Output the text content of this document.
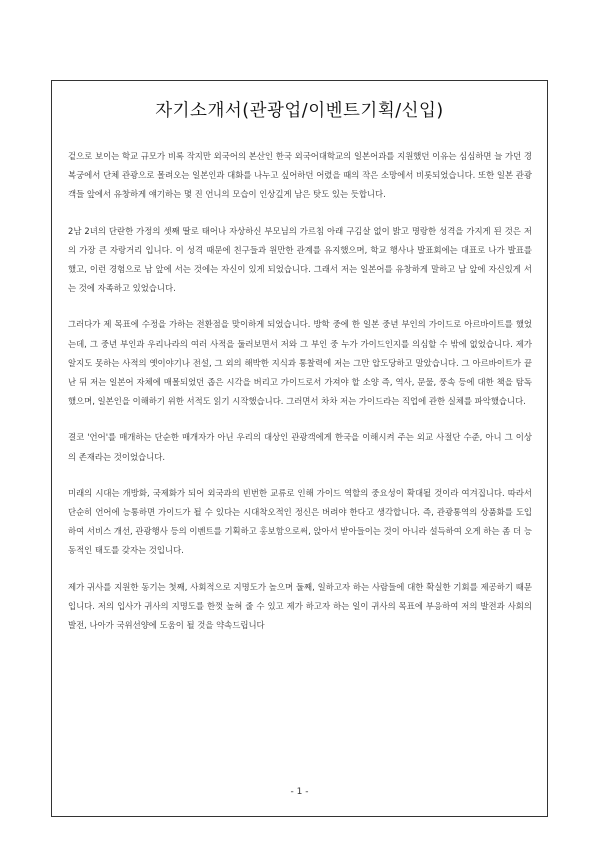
자기소개서(관광업/이벤트기획/신입)

겉으로 보이는 학교 규모가 비록 작지만 외국어의 본산인 한국 외국어대학교의 일본어과를 지원했던 이유는 심심하면 늘 가던 경복궁에서 단체 관광으로 몰려오는 일본인과 대화를 나누고 싶어하던 어렸을 때의 작은 소망에서 비롯되었습니다. 또한 일본 관광객들 앞에서 유창하게 얘기하는 몇 진 언니의 모습이 인상깊게 남은 탓도 있는 듯합니다.

2남 2녀의 단란한 가정의 셋째 딸로 태어나 자상하신 부모님의 가르침 아래 구김살 없이 밝고 명랑한 성격을 가지게 된 것은 저의 가장 큰 자랑거리 입니다. 이 성격 때문에 친구들과 원만한 관계를 유지했으며, 학교 행사나 발표회에는 대표로 나가 발표를 했고, 이런 경험으로 남 앞에 서는 것에는 자신이 있게 되었습니다. 그래서 저는 일본어를 유창하게 말하고 남 앞에 자신있게 서는 것에 자족하고 있었습니다.

그러다가 제 목표에 수정을 가하는 전환점을 맞이하게 되었습니다. 방학 중에 한 일본 중년 부인의 가이드로 아르바이트를 했었는데, 그 중년 부인과 우리나라의 여러 사적을 둘러보면서 저와 그 부인 중 누가 가이드인지를 의심할 수 밖에 없었습니다. 제가 알지도 못하는 사적의 옛이야기나 전설, 그 외의 해박한 지식과 통찰력에 저는 그만 압도당하고 말았습니다. 그 아르바이트가 끝난 뒤 저는 일본어 자체에 매몰되었던 좁은 시각을 버리고 가이드로서 가져야 할 소양 즉, 역사, 문물, 풍속 등에 대한 책을 탐독했으며, 일본인을 이해하기 위한 서적도 읽기 시작했습니다. 그러면서 차차 저는 가이드라는 직업에 관한 실체를 파악했습니다.

결코 '언어'를 매개하는 단순한 매개자가 아닌 우리의 대상인 관광객에게 한국을 이해시켜 주는 외교 사절단 수준, 아니 그 이상의 존재라는 것이었습니다.

미래의 시대는 개방화, 국제화가 되어 외국과의 빈번한 교류로 인해 가이드 역할의 중요성이 확대될 것이라 여겨집니다. 따라서 단순히 언어에 능통하면 가이드가 될 수 있다는 시대착오적인 정신은 버려야 한다고 생각합니다. 즉, 관광통역의 상품화를 도입하여 서비스 개선, 관광행사 등의 이벤트를 기획하고 홍보함으로써, 앉아서 받아들이는 것이 아니라 설득하여 오게 하는 좀 더 능동적인 태도를 갖자는 것입니다.

제가 귀사를 지원한 동기는 첫째, 사회적으로 지명도가 높으며 둘째, 일하고자 하는 사람들에 대한 확실한 기회를 제공하기 때문입니다. 저의 입사가 귀사의 지명도를 한껏 높혀 줄 수 있고 제가 하고자 하는 일이 귀사의 목표에 부응하여 저의 발전과 사회의 발전, 나아가 국위선양에 도움이 될 것을 약속드립니다

- 1 -
